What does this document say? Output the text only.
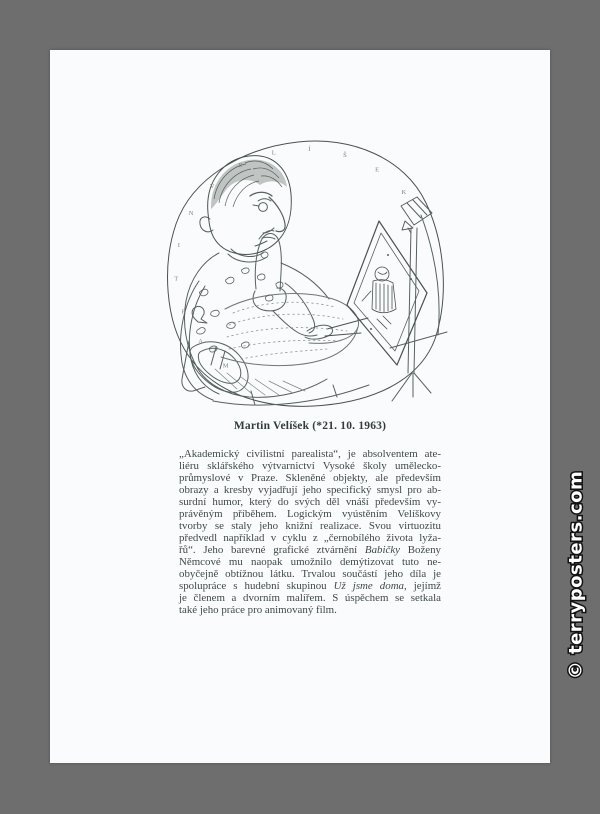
M
A
R
T
I
N
V
E
L	Í
Š
E
K
Martin Velíšek (*21. 10. 1963)
„Akademický civilistní parealista“, je absolventem ate-
liéru sklářského výtvarnictví Vysoké školy umělecko-
průmyslové v Praze. Skleněné objekty, ale především
obrazy a kresby vyjadřují jeho specifický smysl pro ab-
surdní humor, který do svých děl vnáší především vy-
právěným příběhem. Logickým vyústěním Velíškovy
tvorby se staly jeho knižní realizace. Svou virtuozitu
předvedl například v cyklu z „černobílého života lyža-
řů“. Jeho barevné grafické ztvárnění Babičky Boženy
Němcové mu naopak umožnilo demýtizovat tuto ne-
obyčejně obtížnou látku. Trvalou součástí jeho díla je
spolupráce s hudební skupinou Už jsme doma, jejímž
je členem a dvorním malířem. S úspěchem se setkala
také jeho práce pro animovaný film.	© terryposters.com
